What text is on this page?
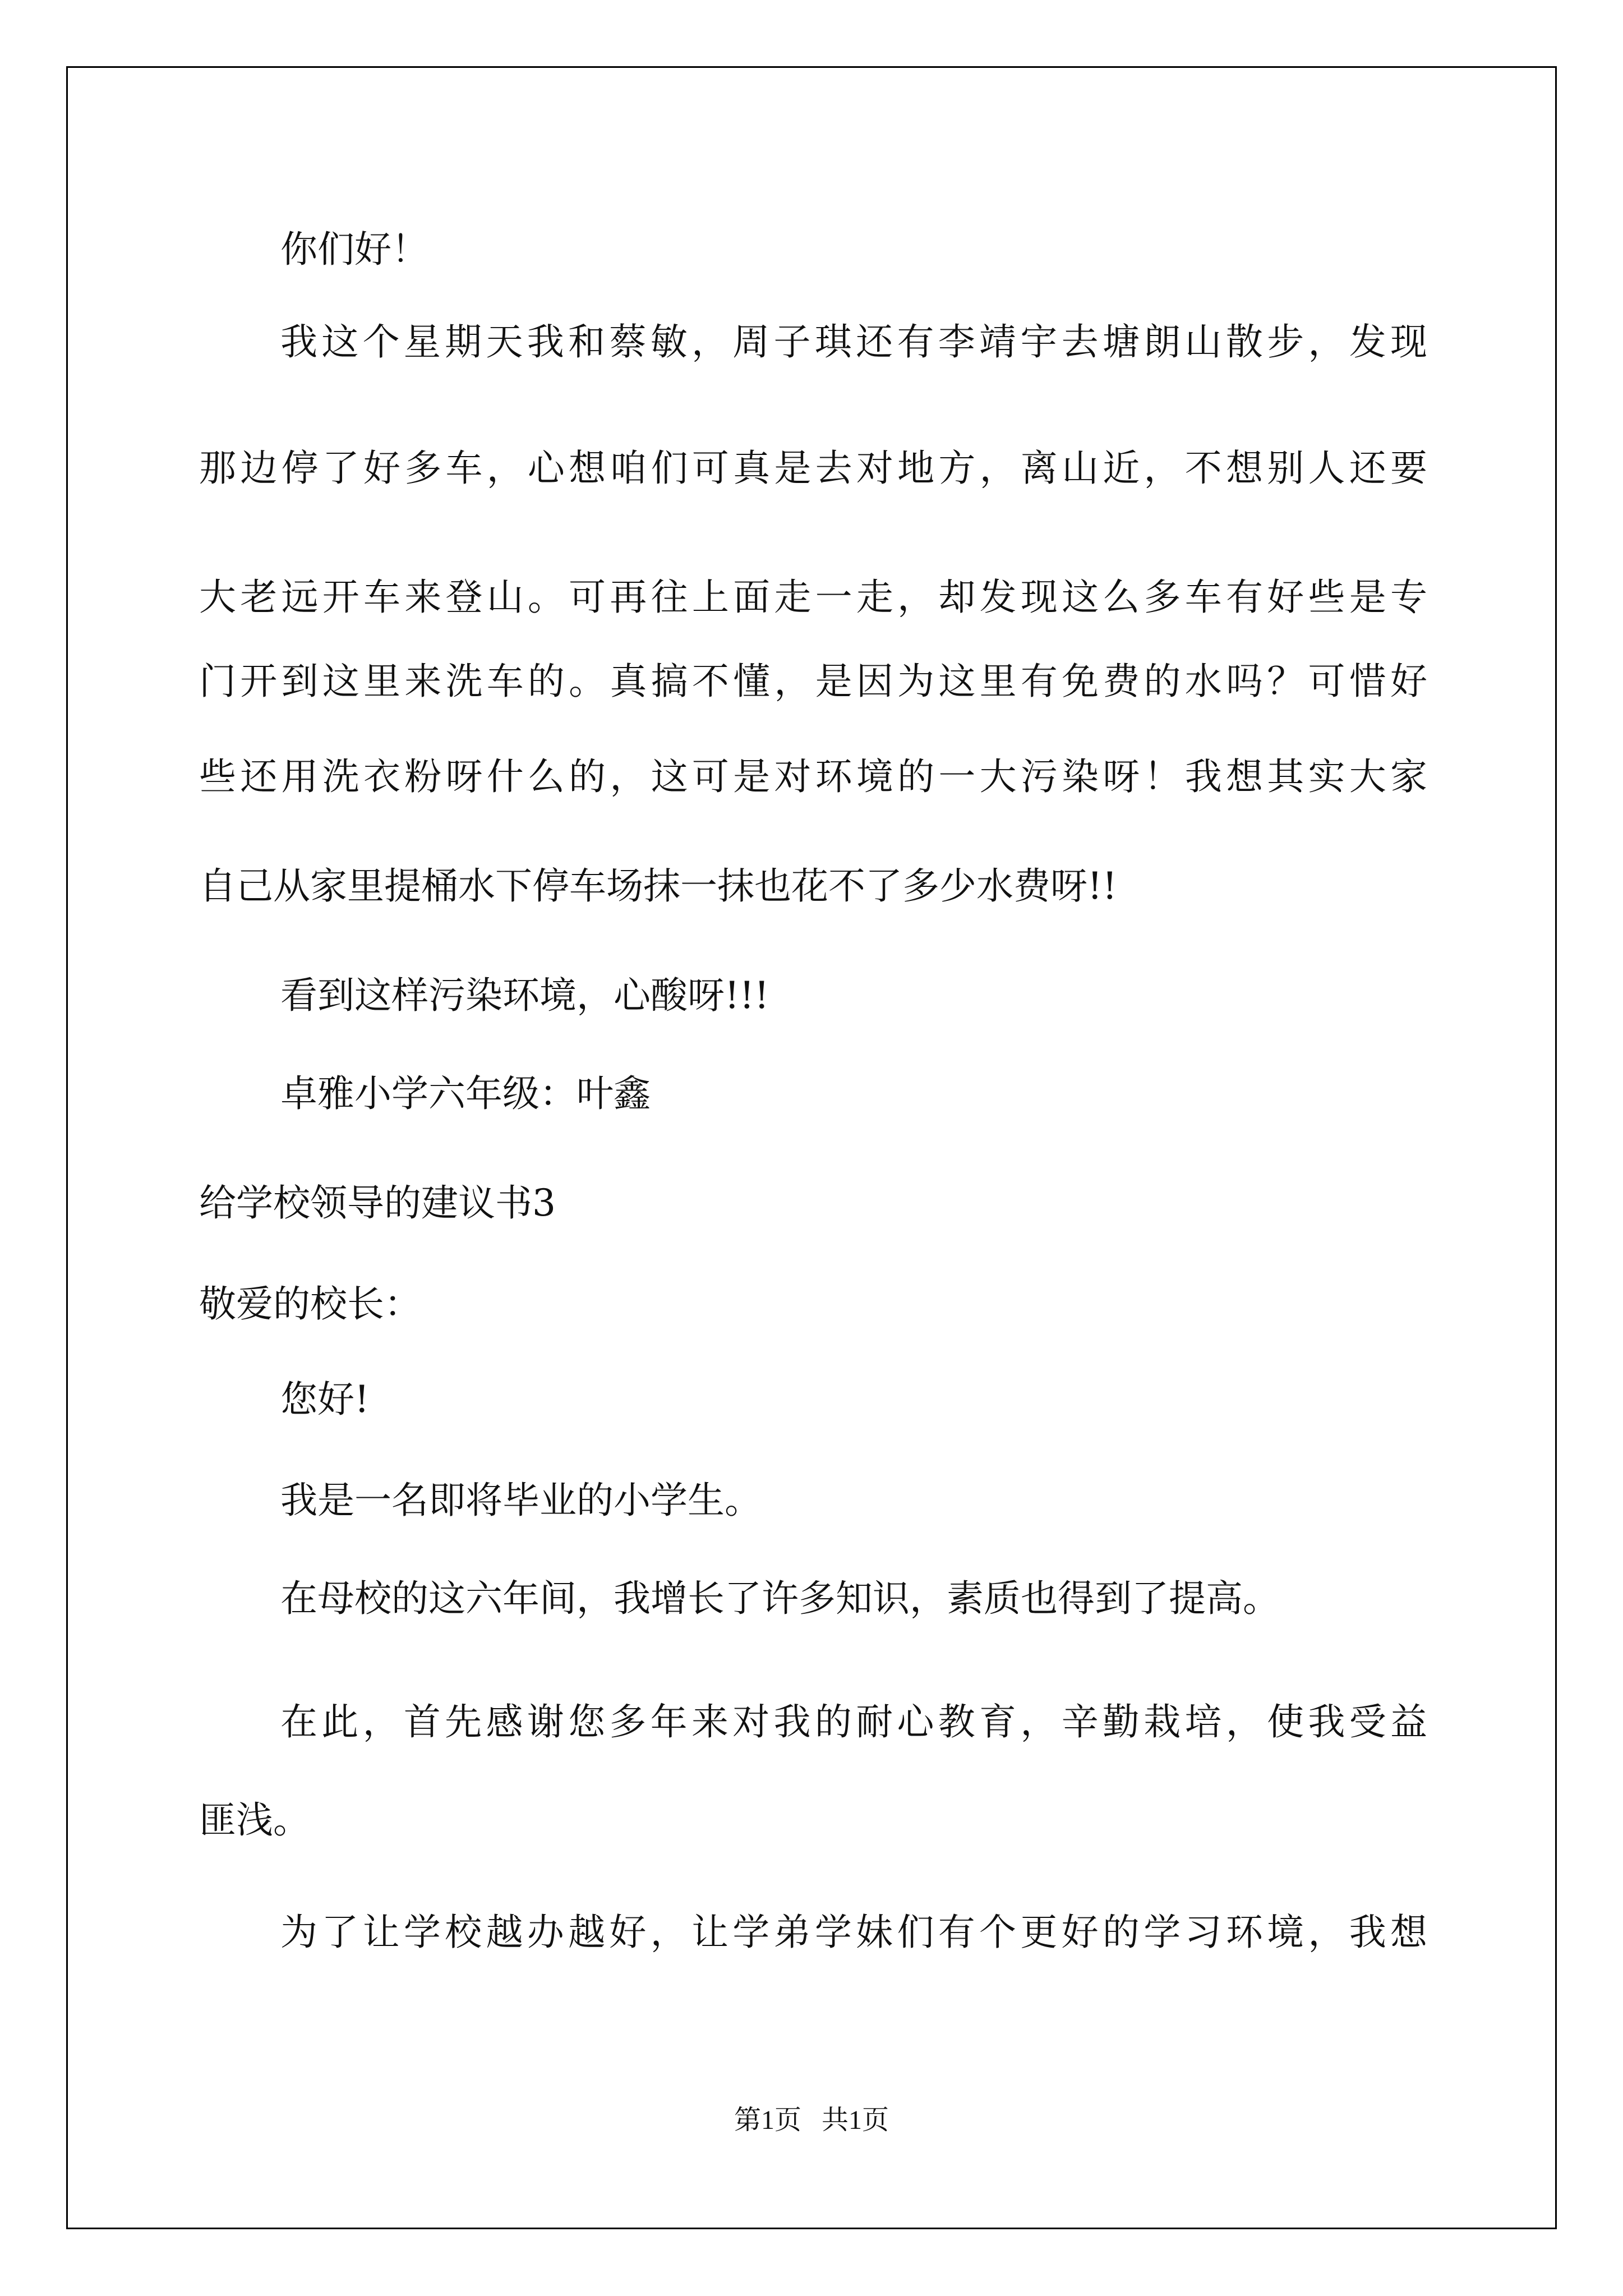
你们好！
我这个星期天我和蔡敏，周子琪还有李靖宇去塘朗山散步，发现
那边停了好多车，心想咱们可真是去对地方，离山近，不想别人还要
大老远开车来登山。可再往上面走一走，却发现这么多车有好些是专
门开到这里来洗车的。真搞不懂，是因为这里有免费的水吗？可惜好
些还用洗衣粉呀什么的，这可是对环境的一大污染呀！我想其实大家
自己从家里提桶水下停车场抹一抹也花不了多少水费呀!!
看到这样污染环境，心酸呀!!!
卓雅小学六年级：叶鑫
给学校领导的建议书3
敬爱的校长：
您好!
我是一名即将毕业的小学生。
在母校的这六年间，我增长了许多知识，素质也得到了提高。
在此，首先感谢您多年来对我的耐心教育，辛勤栽培，使我受益
匪浅。
为了让学校越办越好，让学弟学妹们有个更好的学习环境，我想
第1页   共1页
